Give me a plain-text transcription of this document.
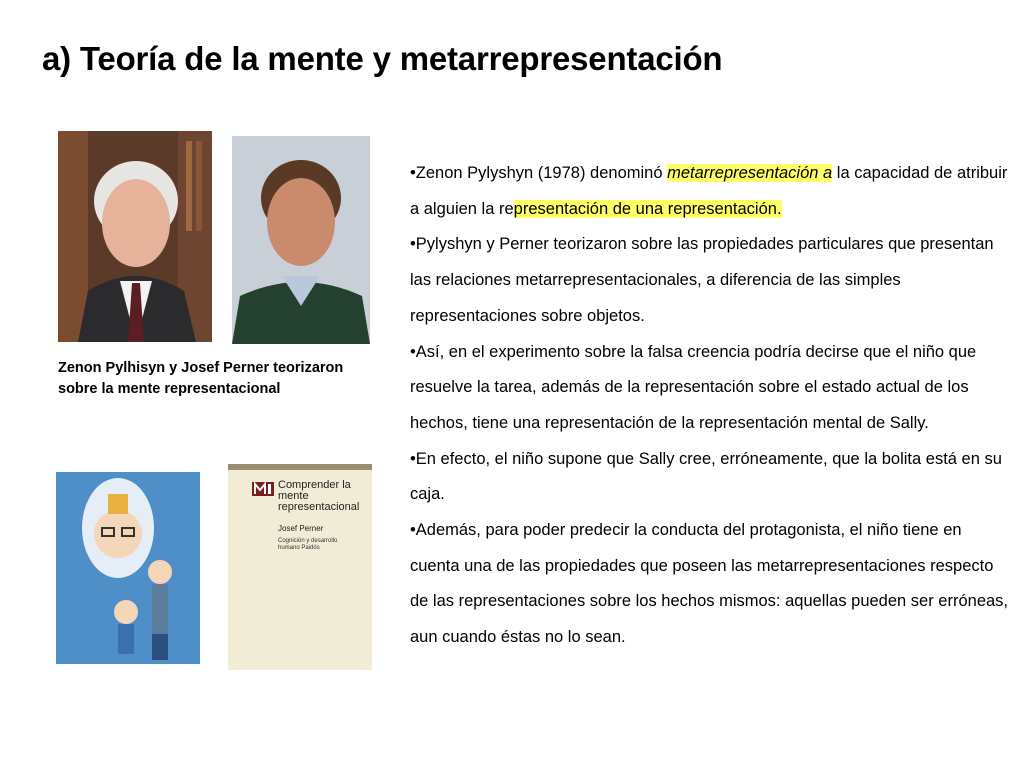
a) Teoría de la mente y metarrepresentación
Zenon Pylhisyn y Josef Perner teorizaron sobre la mente representacional
Comprender la mente representacional
Josef Perner
Cognición y desarrollo humano Paidós

•Zenon Pylyshyn (1978) denominó metarrepresentación a la capacidad de atribuir a alguien la representación de una representación.

•Pylyshyn y Perner teorizaron sobre las propiedades particulares que presentan las relaciones metarrepresentacionales, a diferencia de las simples representaciones sobre objetos.

•Así, en el experimento sobre la falsa creencia podría decirse que el niño que resuelve la tarea, además de la representación sobre el estado actual de los hechos, tiene una representación de la representación mental de Sally.

•En efecto, el niño supone que Sally cree, erróneamente, que la bolita está en su caja.

•Además, para poder predecir la conducta del protagonista, el niño tiene en cuenta una de las propiedades que poseen las metarrepresentaciones respecto de las representaciones sobre los hechos mismos: aquellas pueden ser erróneas, aun cuando éstas no lo sean.
